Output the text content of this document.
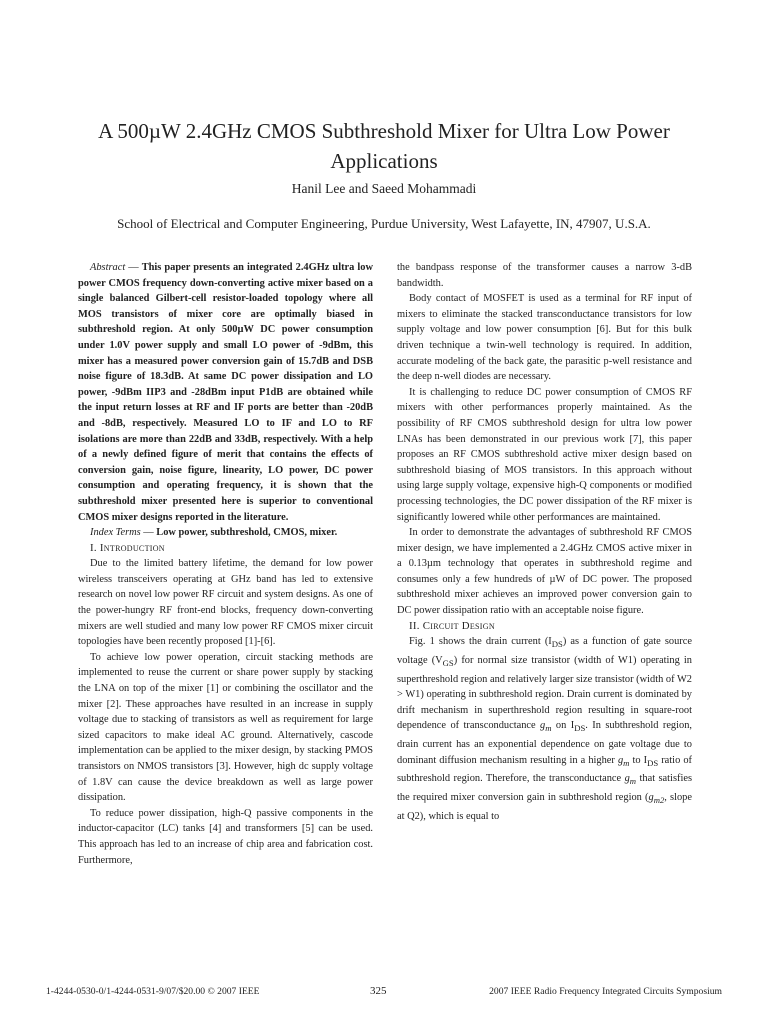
A 500µW 2.4GHz CMOS Subthreshold Mixer for Ultra Low Power
Applications
Hanil Lee and Saeed Mohammadi
School of Electrical and Computer Engineering, Purdue University, West Lafayette, IN, 47907, U.S.A.

Abstract — This paper presents an integrated 2.4GHz ultra low power CMOS frequency down-converting active mixer based on a single balanced Gilbert-cell resistor-loaded topology where all MOS transistors of mixer core are optimally biased in subthreshold region. At only 500µW DC power consumption under 1.0V power supply and small LO power of -9dBm, this mixer has a measured power conversion gain of 15.7dB and DSB noise figure of 18.3dB. At same DC power dissipation and LO power, -9dBm IIP3 and -28dBm input P1dB are obtained while the input return losses at RF and IF ports are better than -20dB and -8dB, respectively. Measured LO to IF and LO to RF isolations are more than 22dB and 33dB, respectively. With a help of a newly defined figure of merit that contains the effects of conversion gain, noise figure, linearity, LO power, DC power consumption and operating frequency, it is shown that the subthreshold mixer presented here is superior to conventional CMOS mixer designs reported in the literature.

Index Terms — Low power, subthreshold, CMOS, mixer.

I. Introduction

Due to the limited battery lifetime, the demand for low power wireless transceivers operating at GHz band has led to extensive research on novel low power RF circuit and system designs. As one of the power-hungry RF front-end blocks, frequency down-converting mixers are well studied and many low power RF CMOS mixer circuit topologies have been recently proposed [1]-[6].

To achieve low power operation, circuit stacking methods are implemented to reuse the current or share power supply by stacking the LNA on top of the mixer [1] or combining the oscillator and the mixer [2]. These approaches have resulted in an increase in supply voltage due to stacking of transistors as well as requirement for large sized capacitors to make ideal AC ground. Alternatively, cascode implementation can be applied to the mixer design, by stacking PMOS transistors on NMOS transistors [3]. However, high dc supply voltage of 1.8V can cause the device breakdown as well as large power dissipation.

To reduce power dissipation, high-Q passive components in the inductor-capacitor (LC) tanks [4] and transformers [5] can be used. This approach has led to an increase of chip area and fabrication cost. Furthermore,

the bandpass response of the transformer causes a narrow 3-dB bandwidth.

Body contact of MOSFET is used as a terminal for RF input of mixers to eliminate the stacked transconductance transistors for low supply voltage and low power consumption [6]. But for this bulk driven technique a twin-well technology is required. In addition, accurate modeling of the back gate, the parasitic p-well resistance and the deep n-well diodes are necessary.

It is challenging to reduce DC power consumption of CMOS RF mixers with other performances properly maintained. As the possibility of RF CMOS subthreshold design for ultra low power LNAs has been demonstrated in our previous work [7], this paper proposes an RF CMOS subthreshold active mixer design based on subthreshold biasing of MOS transistors. In this approach without using large supply voltage, expensive high-Q components or modified processing technologies, the DC power dissipation of the RF mixer is significantly lowered while other performances are maintained.

In order to demonstrate the advantages of subthreshold RF CMOS mixer design, we have implemented a 2.4GHz CMOS active mixer in a 0.13µm technology that operates in subthreshold regime and consumes only a few hundreds of µW of DC power. The proposed subthreshold mixer achieves an improved power conversion gain to DC power dissipation ratio with an acceptable noise figure.

II. Circuit Design

Fig. 1 shows the drain current $(I_{DS})$ as a function of gate source voltage $(V_{GS})$ for normal size transistor (width of W1) operating in superthreshold region and relatively larger size transistor (width of W2 > W1) operating in subthreshold region. Drain current is dominated by drift mechanism in superthreshold region resulting in square-root dependence of transconductance $g_m$ on $I_{DS}$. In subthreshold region, drain current has an exponential dependence on gate voltage due to dominant diffusion mechanism resulting in a higher $g_m$ to $I_{DS}$ ratio of subthreshold region. Therefore, the transconductance $g_m$ that satisfies the required mixer conversion gain in subthreshold region ($g_{m2}$, slope at Q2), which is equal to

1-4244-0530-0/1-4244-0531-9/07/$20.00 © 2007 IEEE	325	2007 IEEE Radio Frequency Integrated Circuits Symposium
